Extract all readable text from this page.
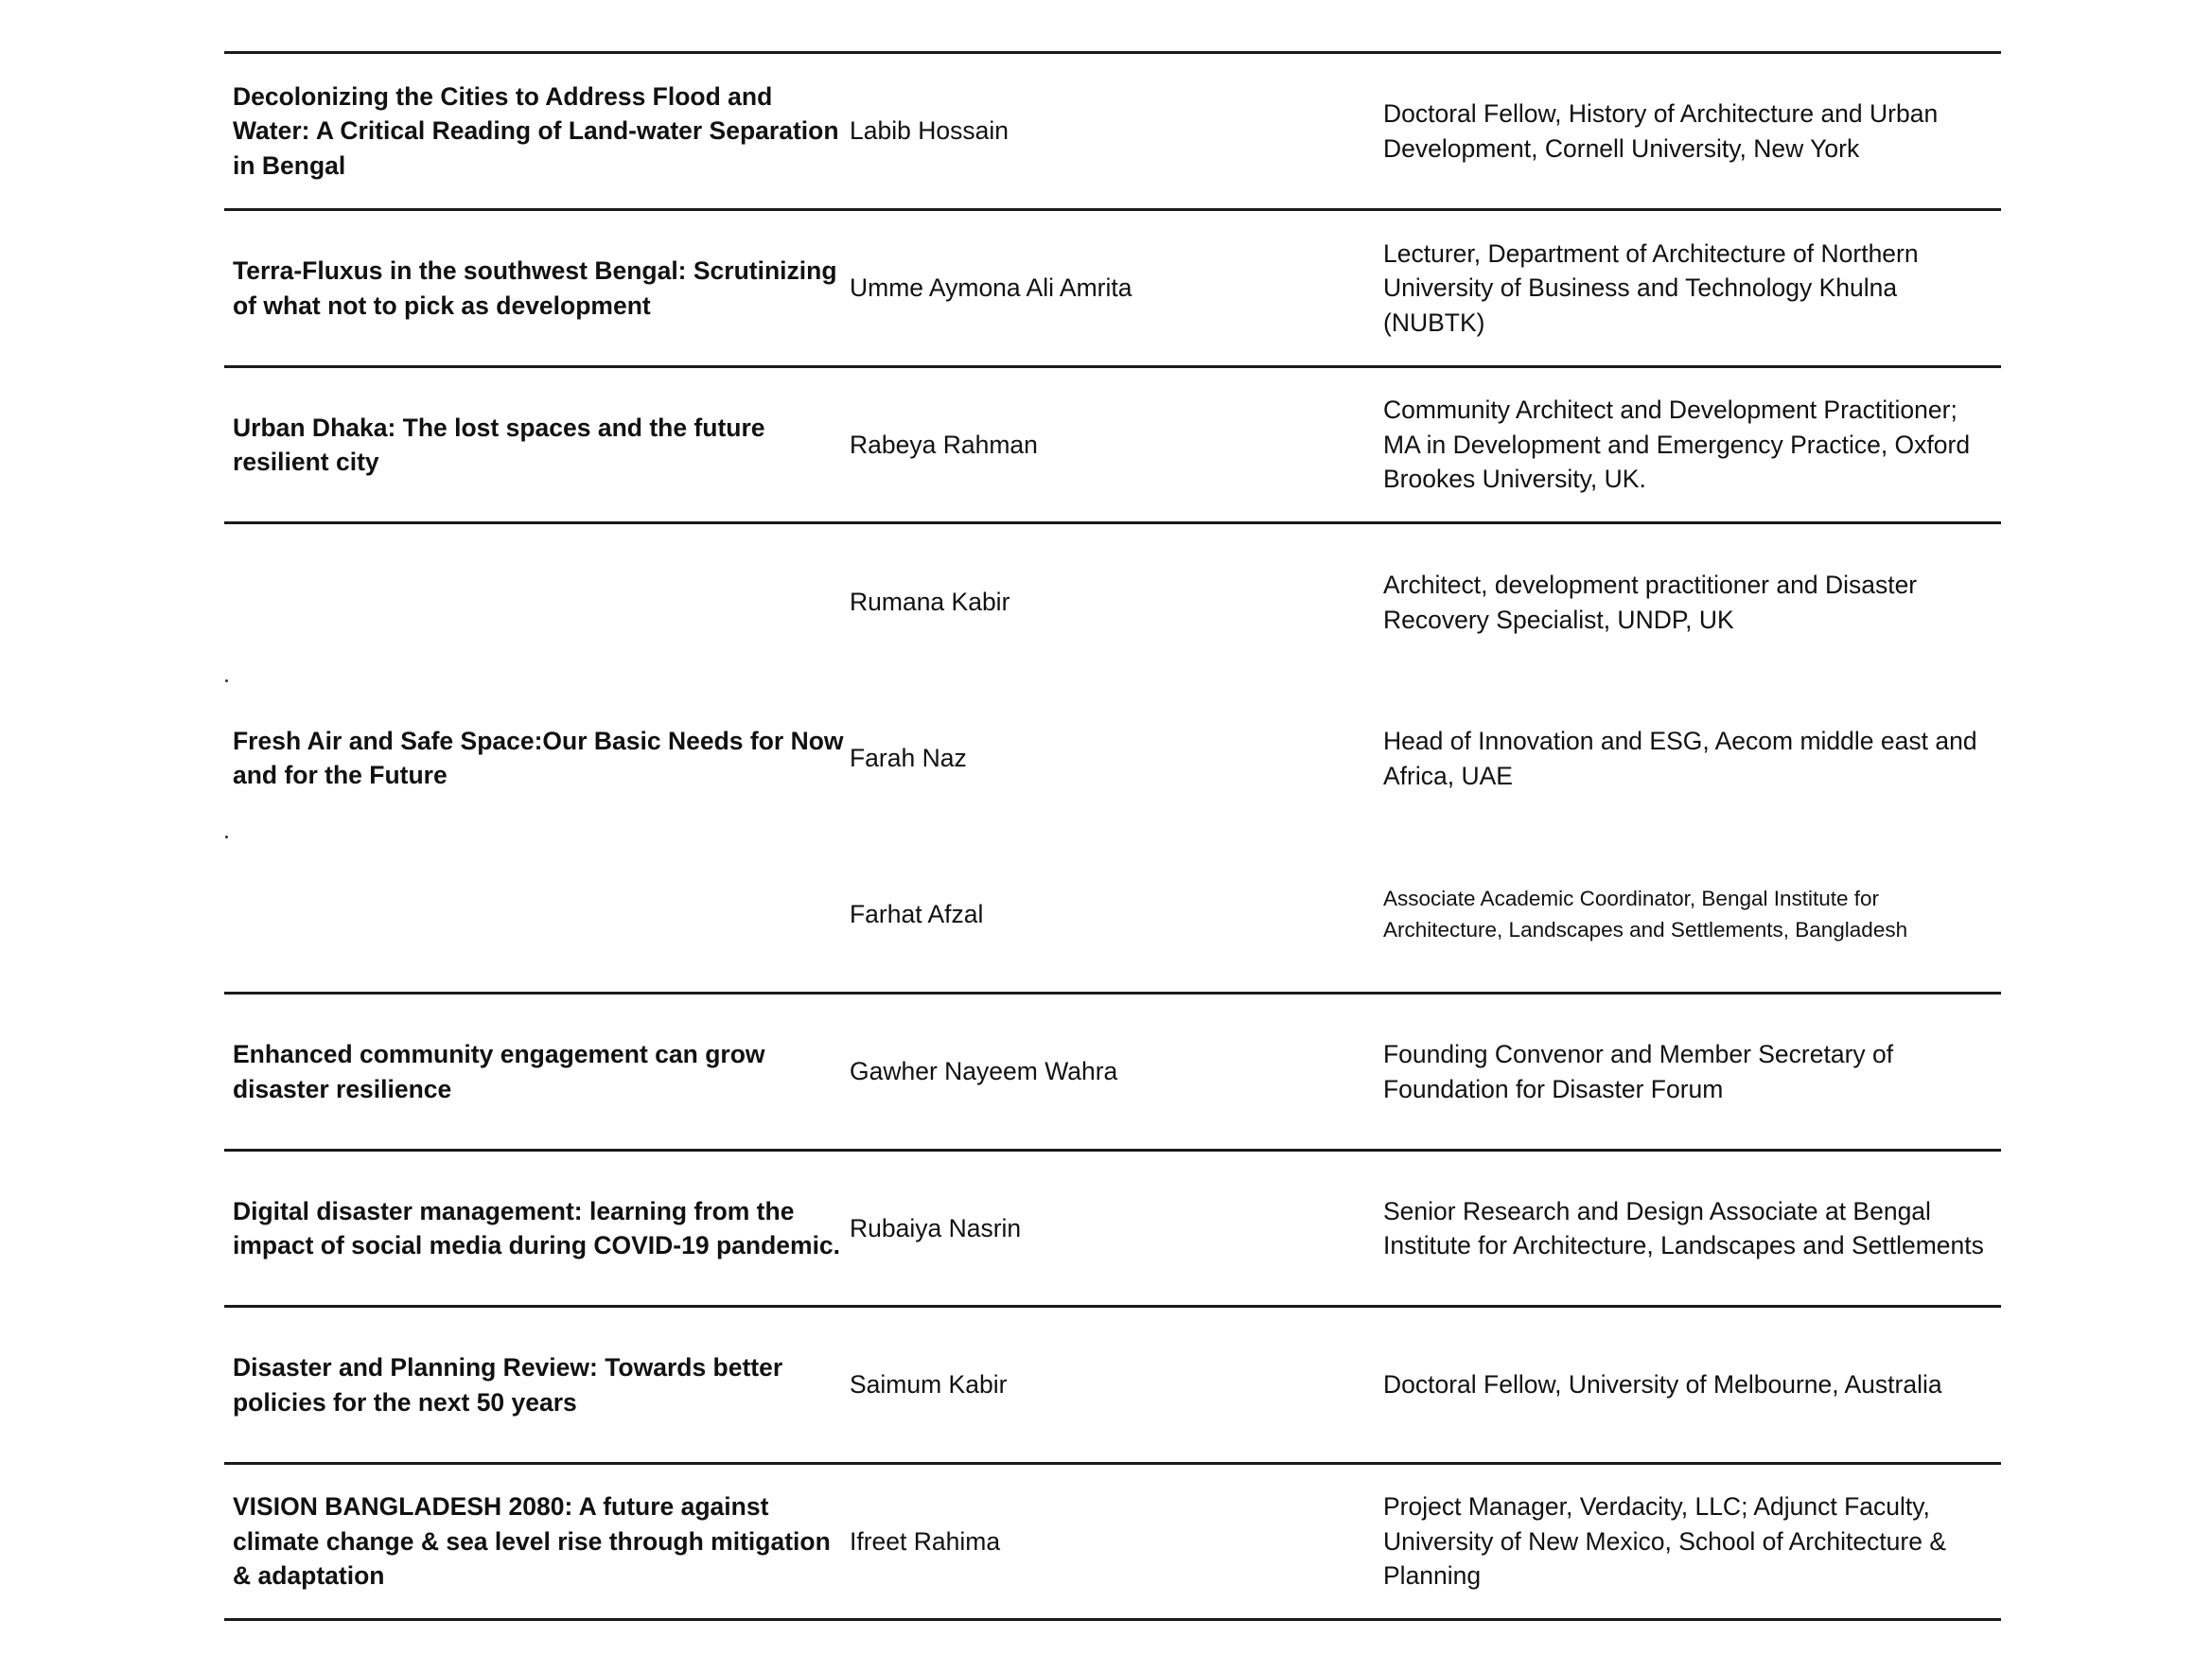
Decolonizing the Cities to Address Flood and Water: A Critical Reading of Land-water Separation in Bengal
Labib Hossain
Doctoral Fellow, History of Architecture and Urban Development, Cornell University, New York
Terra-Fluxus in the southwest Bengal: Scrutinizing of what not to pick as development
Umme Aymona Ali Amrita
Lecturer, Department of Architecture of Northern University of Business and Technology Khulna (NUBTK)
Urban Dhaka: The lost spaces and the future resilient city
Rabeya Rahman
Community Architect and Development Practitioner; MA in Development and Emergency Practice, Oxford Brookes University, UK.
Fresh Air and Safe Space:Our Basic Needs for Now and for the Future
Rumana Kabir
Architect, development practitioner and Disaster Recovery Specialist, UNDP, UK
Farah Naz
Head of Innovation and ESG, Aecom middle east and Africa, UAE
Farhat Afzal
Associate Academic Coordinator, Bengal Institute for Architecture, Landscapes and Settlements, Bangladesh
Enhanced community engagement can grow disaster resilience
Gawher Nayeem Wahra
Founding Convenor and Member Secretary of Foundation for Disaster Forum
Digital disaster management: learning from the impact of social media during COVID-19 pandemic.
Rubaiya Nasrin
Senior Research and Design Associate at Bengal Institute for Architecture, Landscapes and Settlements
Disaster and Planning Review: Towards better policies for the next 50 years
Saimum Kabir	Doctoral Fellow, University of Melbourne, Australia
VISION BANGLADESH 2080: A future against climate change & sea level rise through mitigation & adaptation
Ifreet Rahima
Project Manager, Verdacity, LLC; Adjunct Faculty, University of New Mexico, School of Architecture & Planning
